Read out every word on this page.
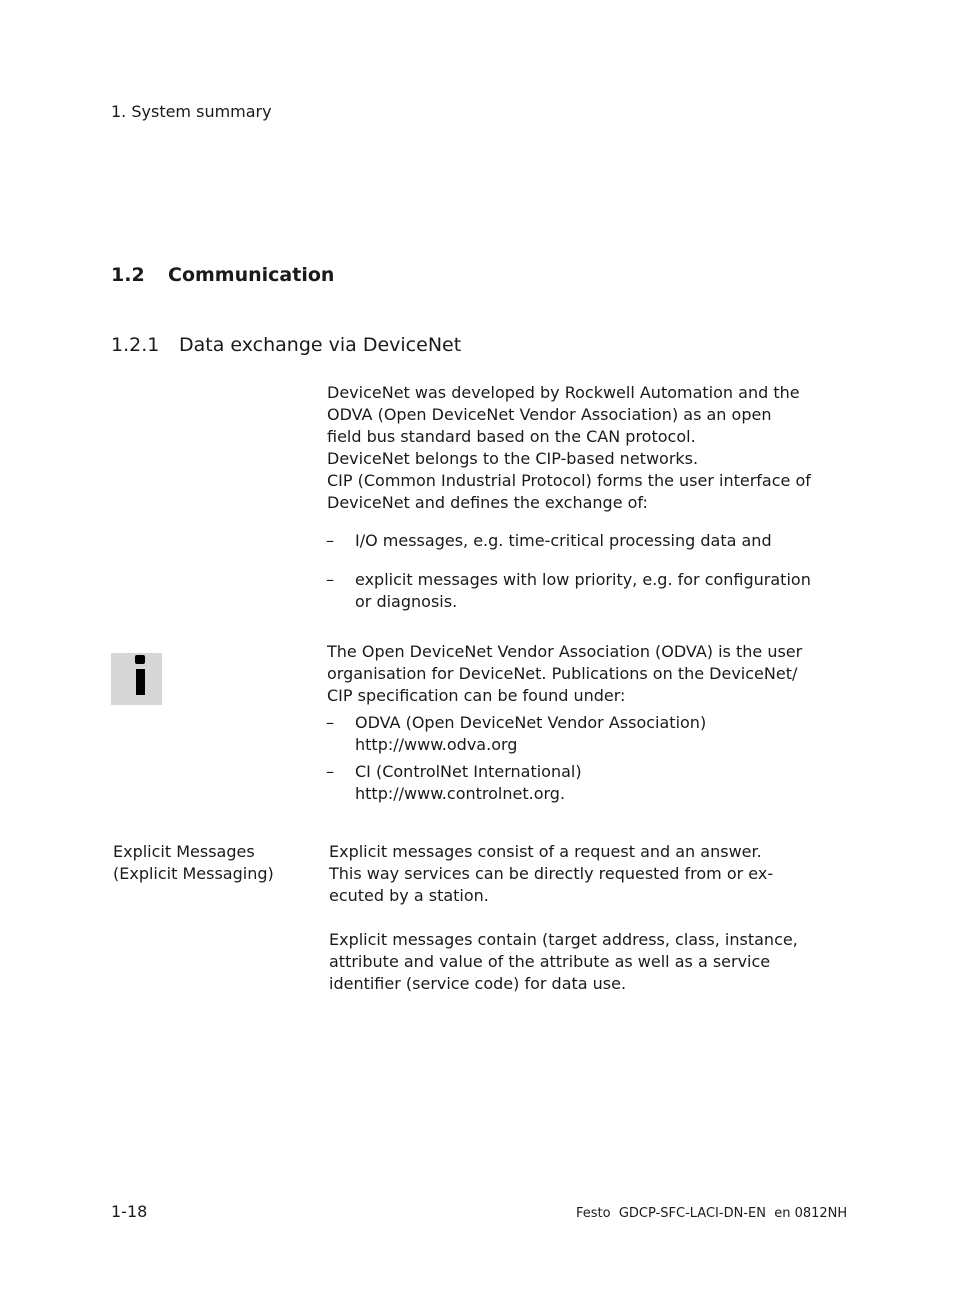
1. System summary
1.2 Communication
1.2.1 Data exchange via DeviceNet
DeviceNet was developed by Rockwell Automation and the
ODVA (Open DeviceNet Vendor Association) as an open
field bus standard based on the CAN protocol.
DeviceNet belongs to the CIP-based networks.
CIP (Common Industrial Protocol) forms the user interface of
DeviceNet and defines the exchange of:
– I/O messages, e.g. time-critical processing data and
– explicit messages with low priority, e.g. for configuration
or diagnosis.
The Open DeviceNet Vendor Association (ODVA) is the user
organisation for DeviceNet. Publications on the DeviceNet/
CIP specification can be found under:
– ODVA (Open DeviceNet Vendor Association)
http://www.odva.org
– CI (ControlNet International)
http://www.controlnet.org.
Explicit Messages
(Explicit Messaging)
Explicit messages consist of a request and an answer.
This way services can be directly requested from or ex-
ecuted by a station.
Explicit messages contain (target address, class, instance,
attribute and value of the attribute as well as a service
identifier (service code) for data use.
1-18	Festo  GDCP-SFC-LACI-DN-EN  en 0812NH
